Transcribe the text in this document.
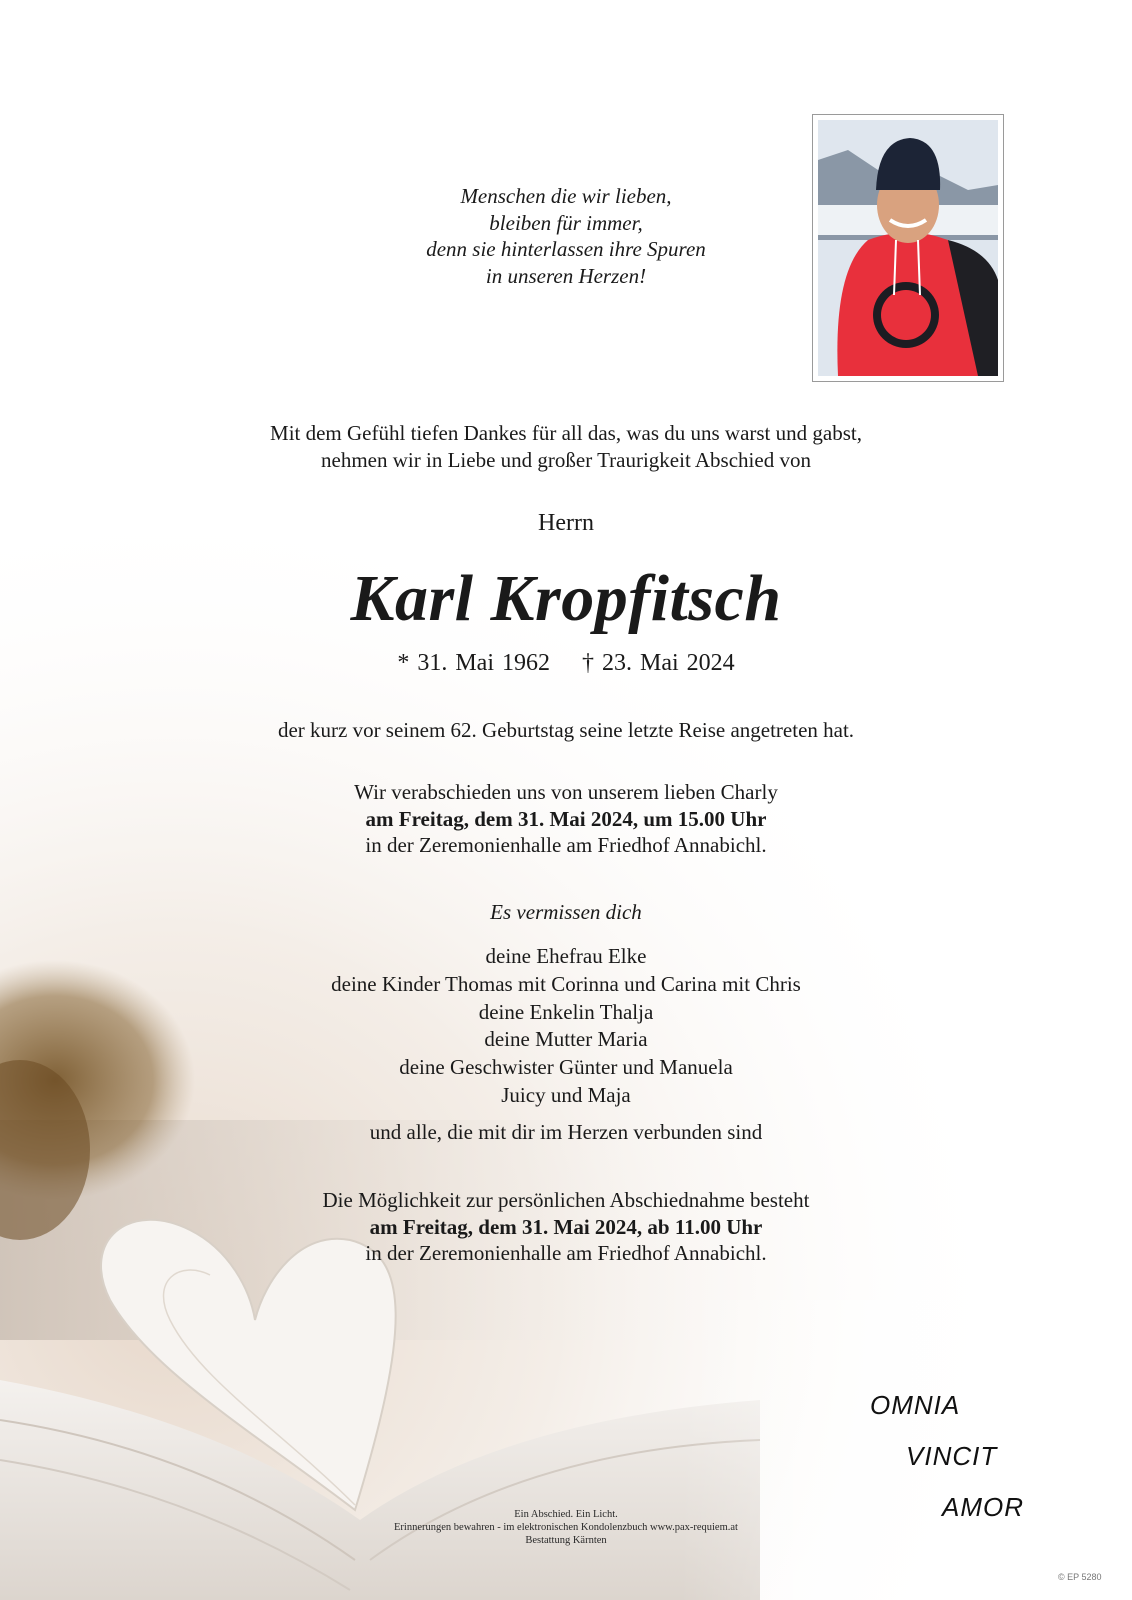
Menschen die wir lieben,
bleiben für immer,
denn sie hinterlassen ihre Spuren
in unseren Herzen!
Mit dem Gefühl tiefen Dankes für all das, was du uns warst und gabst,
nehmen wir in Liebe und großer Traurigkeit Abschied von
Herrn
Karl Kropfitsch
* 31. Mai 1962 † 23. Mai 2024
der kurz vor seinem 62. Geburtstag seine letzte Reise angetreten hat.
Wir verabschieden uns von unserem lieben Charly
am Freitag, dem 31. Mai 2024, um 15.00 Uhr
in der Zeremonienhalle am Friedhof Annabichl.
Es vermissen dich
deine Ehefrau Elke
deine Kinder Thomas mit Corinna und Carina mit Chris
deine Enkelin Thalja
deine Mutter Maria
deine Geschwister Günter und Manuela
Juicy und Maja
und alle, die mit dir im Herzen verbunden sind
Die Möglichkeit zur persönlichen Abschiednahme besteht
am Freitag, dem 31. Mai 2024, ab 11.00 Uhr
in der Zeremonienhalle am Friedhof Annabichl.
OMNIA
VINCIT
AMOR
Ein Abschied. Ein Licht.
Erinnerungen bewahren - im elektronischen Kondolenzbuch www.pax-requiem.at
Bestattung Kärnten
© EP 5280
